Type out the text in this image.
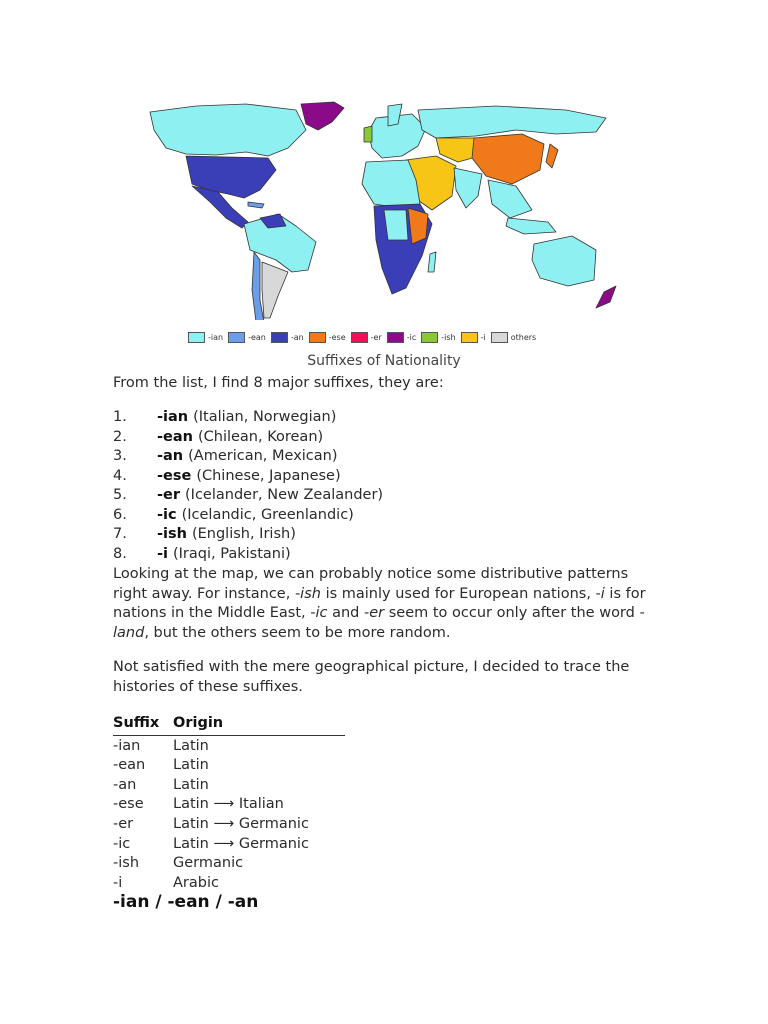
-ian	-ean	-an	-ese	-er	-ic	-ish	-i	others
Suffixes of Nationality
From the list, I find 8 major suffixes, they are:
1.	-ian (Italian, Norwegian)
2.	-ean (Chilean, Korean)
3.	-an (American, Mexican)
4.	-ese (Chinese, Japanese)
5.	-er (Icelander, New Zealander)
6.	-ic (Icelandic, Greenlandic)
7.	-ish (English, Irish)
8.	-i (Iraqi, Pakistani)
Looking at the map, we can probably notice some distributive patterns right away. For instance, -ish is mainly used for European nations, -i is for nations in the Middle East, -ic and -er seem to occur only after the word -land, but the others seem to be more random.
Not satisfied with the mere geographical picture, I decided to trace the histories of these suffixes.
Suffix Origin
-ian	Latin
-ean	Latin
-an	Latin
-ese	Latin ⟶ Italian
-er	Latin ⟶ Germanic
-ic	Latin ⟶ Germanic
-ish	Germanic
-i	Arabic
-ian / -ean / -an
